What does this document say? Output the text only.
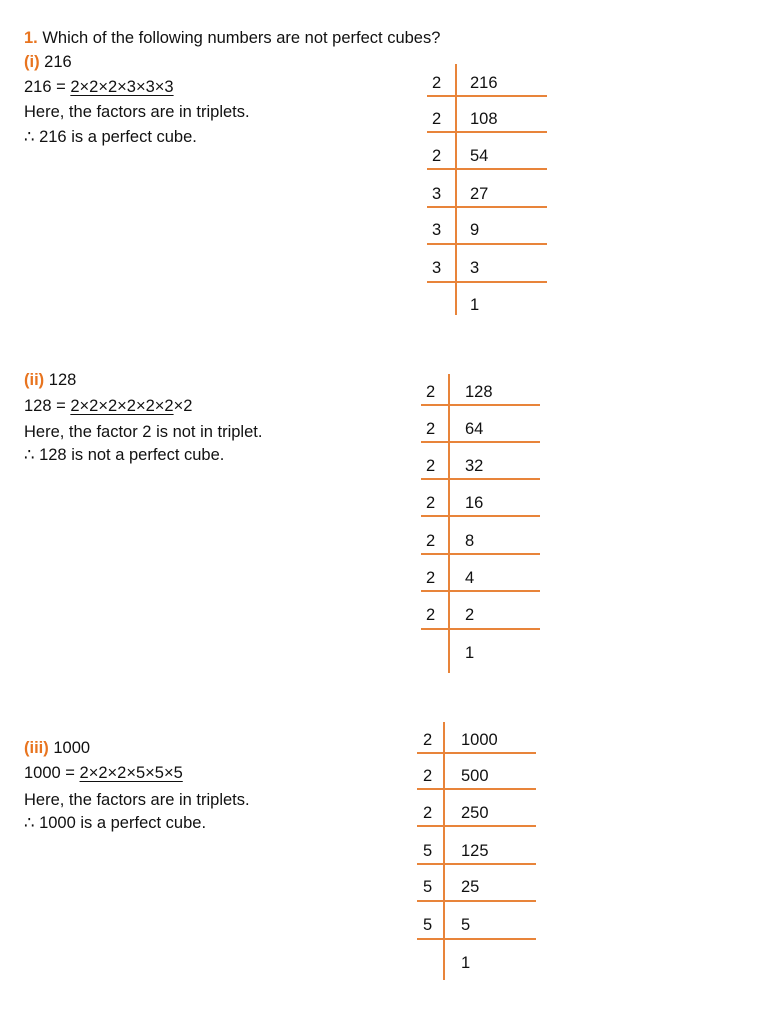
1. Which of the following numbers are not perfect cubes?
(i) 216
216 = 2×2×2×3×3×3
Here, the factors are in triplets.
∴ 216 is a perfect cube.
(ii) 128
128 = 2×2×2×2×2×2×2
Here, the factor 2 is not in triplet.
∴ 128 is not a perfect cube.
(iii) 1000
1000 = 2×2×2×5×5×5
Here, the factors are in triplets.
∴ 1000 is a perfect cube.
2
2
2
3
3
3
216
108
54
27
9
3
1
2
2
2
2
2
2
2
128
64
32
16
8
4
2
1
2
2
2
5
5
5
1000
500
250
125
25
5
1
